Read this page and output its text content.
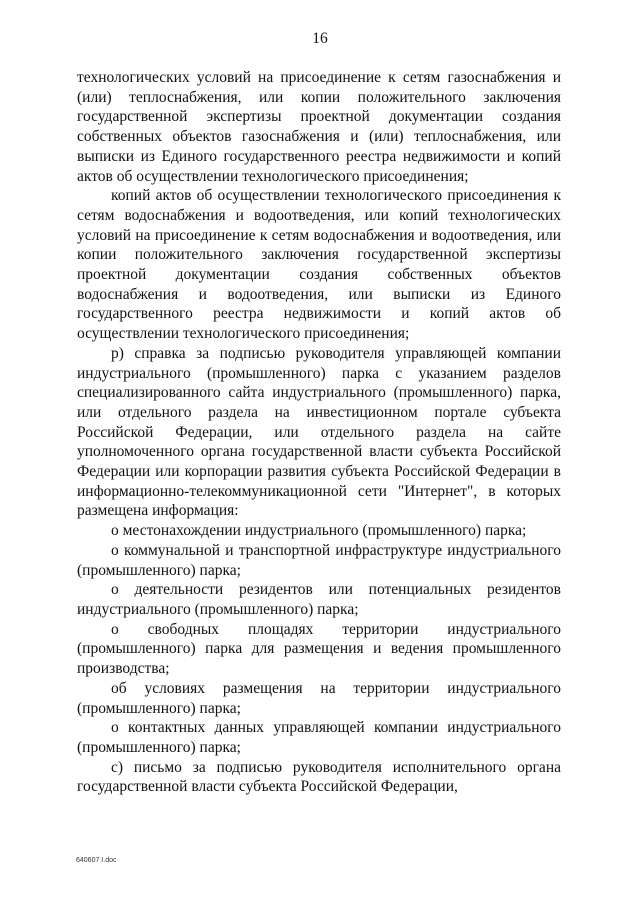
16

технологических условий на присоединение к сетям газоснабжения и (или) теплоснабжения, или копии положительного заключения государственной экспертизы проектной документации создания собственных объектов газоснабжения и (или) теплоснабжения, или выписки из Единого государственного реестра недвижимости и копий актов об осуществлении технологического присоединения;

копий актов об осуществлении технологического присоединения к сетям водоснабжения и водоотведения, или копий технологических условий на присоединение к сетям водоснабжения и водоотведения, или копии положительного заключения государственной экспертизы проектной документации создания собственных объектов водоснабжения и водоотведения, или выписки из Единого государственного реестра недвижимости и копий актов об осуществлении технологического присоединения;

р) справка за подписью руководителя управляющей компании индустриального (промышленного) парка с указанием разделов специализированного сайта индустриального (промышленного) парка, или отдельного раздела на инвестиционном портале субъекта Российской Федерации, или отдельного раздела на сайте уполномоченного органа государственной власти субъекта Российской Федерации или корпорации развития субъекта Российской Федерации в информационно-телекоммуникационной сети "Интернет", в которых размещена информация:

о местонахождении индустриального (промышленного) парка;

о коммунальной и транспортной инфраструктуре индустриального (промышленного) парка;

о деятельности резидентов или потенциальных резидентов индустриального (промышленного) парка;

о свободных площадях территории индустриального (промышленного) парка для размещения и ведения промышленного производства;

об условиях размещения на территории индустриального (промышленного) парка;

о контактных данных управляющей компании индустриального (промышленного) парка;

с) письмо за подписью руководителя исполнительного органа государственной власти субъекта Российской Федерации,

640607 I.doc
